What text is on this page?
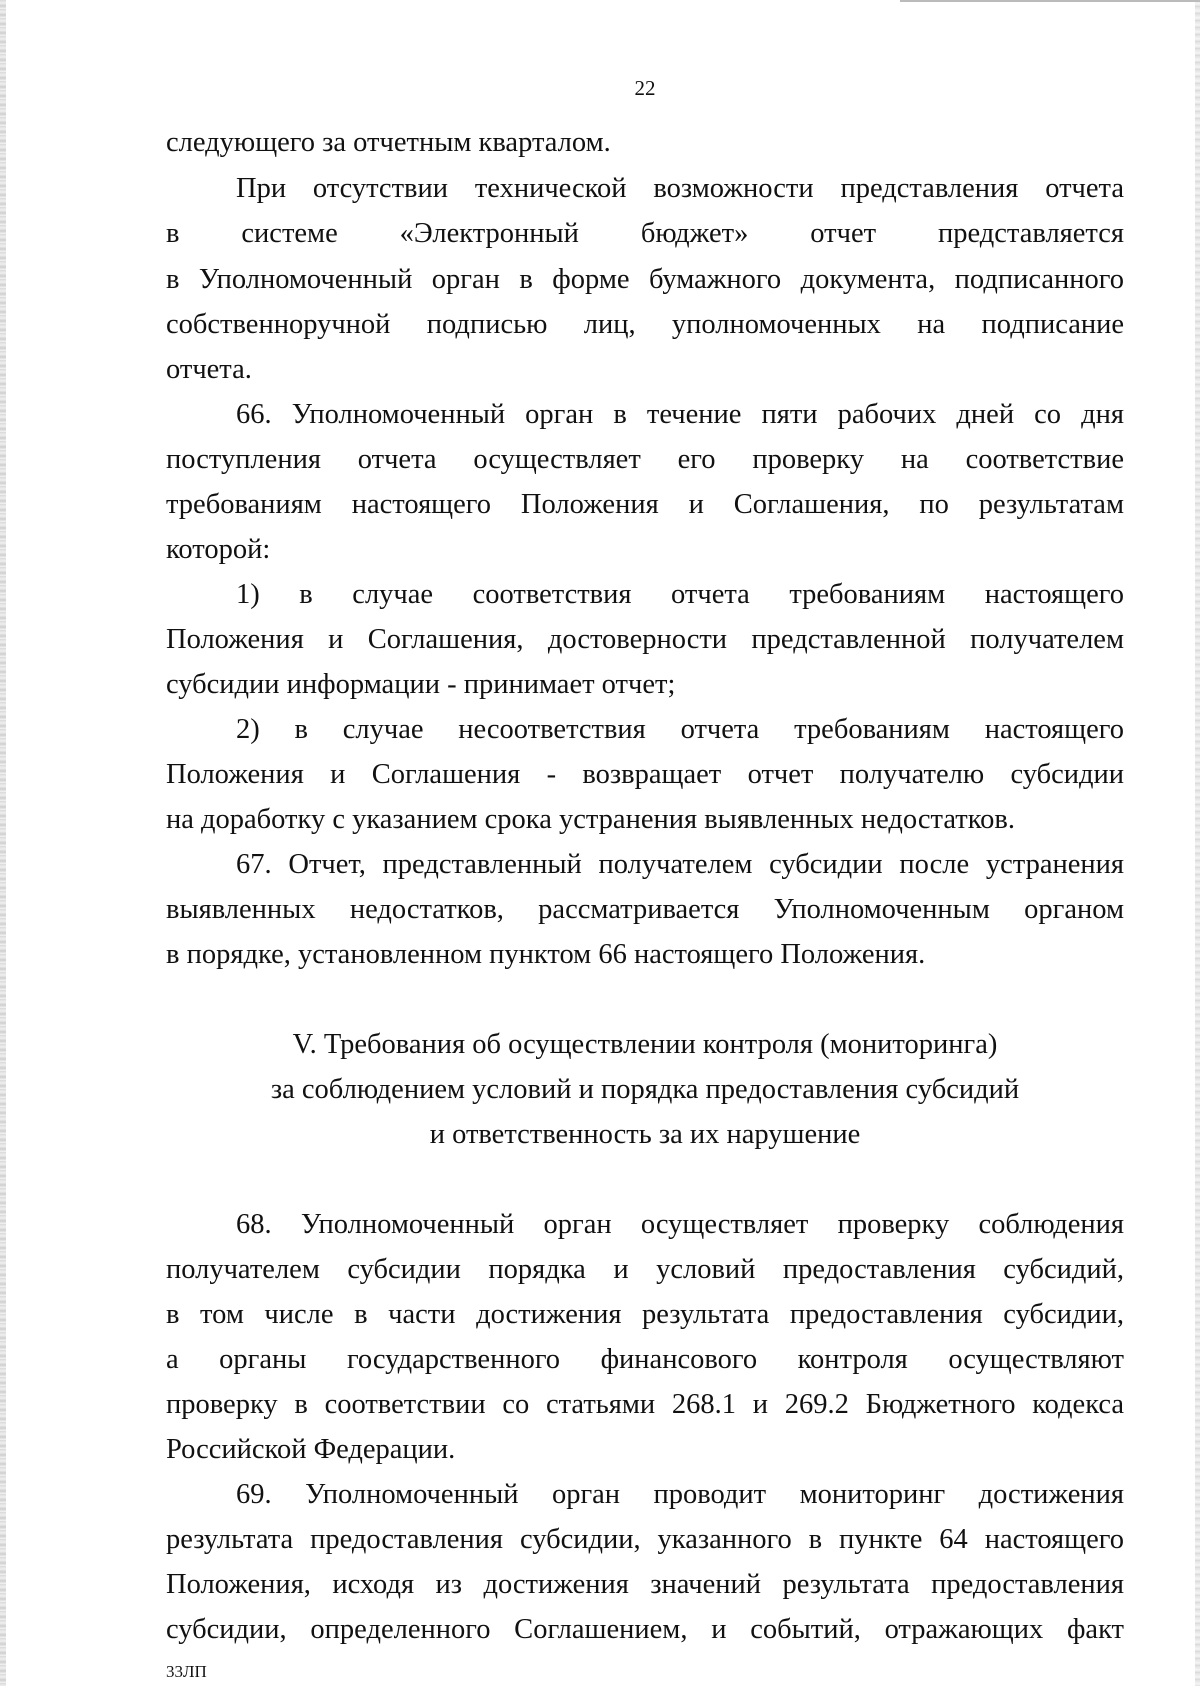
22
следующего за отчетным кварталом.
При отсутствии технической возможности представления отчета
в системе «Электронный бюджет» отчет представляется
в Уполномоченный орган в форме бумажного документа, подписанного
собственноручной подписью лиц, уполномоченных на подписание
отчета.
66. Уполномоченный орган в течение пяти рабочих дней со дня
поступления отчета осуществляет его проверку на соответствие
требованиям настоящего Положения и Соглашения, по результатам
которой:
1) в случае соответствия отчета требованиям настоящего
Положения и Соглашения, достоверности представленной получателем
субсидии информации - принимает отчет;
2) в случае несоответствия отчета требованиям настоящего
Положения и Соглашения - возвращает отчет получателю субсидии
на доработку с указанием срока устранения выявленных недостатков.
67. Отчет, представленный получателем субсидии после устранения
выявленных недостатков, рассматривается Уполномоченным органом
в порядке, установленном пунктом 66 настоящего Положения.
V. Требования об осуществлении контроля (мониторинга)
за соблюдением условий и порядка предоставления субсидий
и ответственность за их нарушение
68. Уполномоченный орган осуществляет проверку соблюдения
получателем субсидии порядка и условий предоставления субсидий,
в том числе в части достижения результата предоставления субсидии,
а органы государственного финансового контроля осуществляют
проверку в соответствии со статьями 268.1 и 269.2 Бюджетного кодекса
Российской Федерации.
69. Уполномоченный орган проводит мониторинг достижения
результата предоставления субсидии, указанного в пункте 64 настоящего
Положения, исходя из достижения значений результата предоставления
субсидии, определенного Соглашением, и событий, отражающих факт
33ЛП
